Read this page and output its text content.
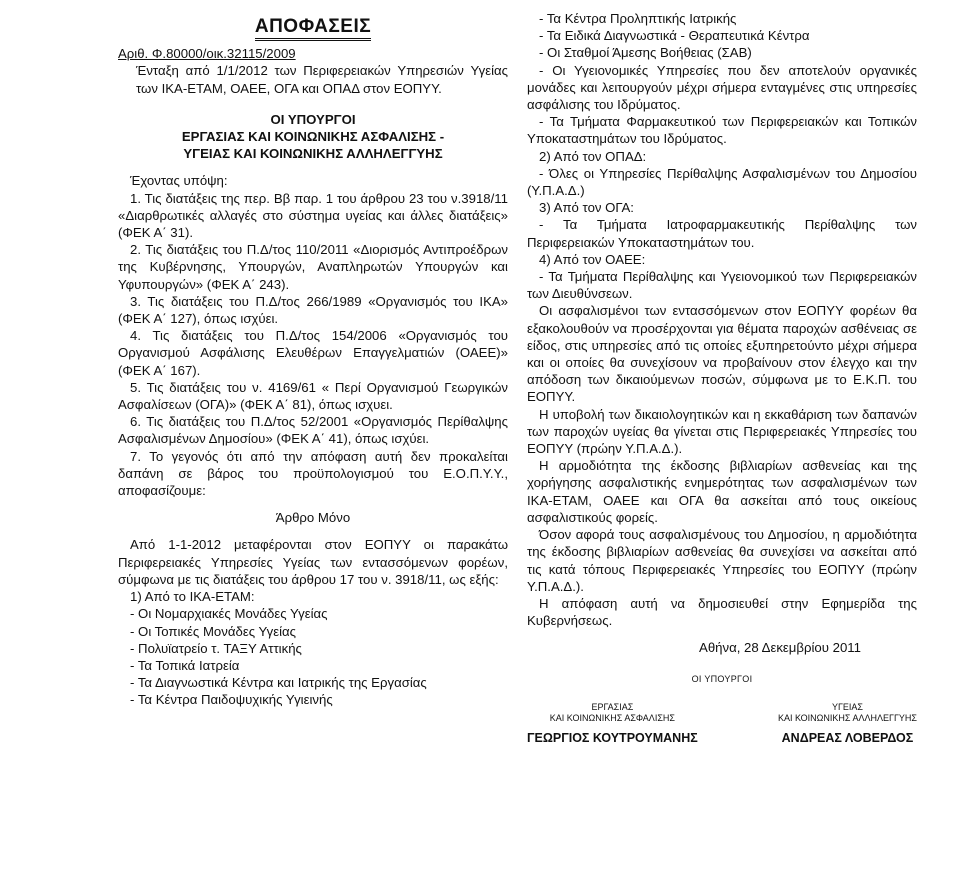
ΑΠΟΦΑΣΕΙΣ

Αριθ. Φ.80000/οικ.32115/2009

Ένταξη από 1/1/2012 των Περιφερειακών Υπηρεσιών Υγείας των ΙΚΑ-ΕΤΑΜ, ΟΑΕΕ, ΟΓΑ και ΟΠΑΔ στον ΕΟΠΥΥ.

ΟΙ ΥΠΟΥΡΓΟΙ
ΕΡΓΑΣΙΑΣ ΚΑΙ ΚΟΙΝΩΝΙΚΗΣ ΑΣΦΑΛΙΣΗΣ -
ΥΓΕΙΑΣ ΚΑΙ ΚΟΙΝΩΝΙΚΗΣ ΑΛΛΗΛΕΓΓΥΗΣ

Έχοντας υπόψη:

1. Τις διατάξεις της περ. Ββ παρ. 1 του άρθρου 23 του ν.3918/11 «Διαρθρωτικές αλλαγές στο σύστημα υγείας και άλλες διατάξεις» (ΦΕΚ Α΄ 31).

2. Τις διατάξεις του Π.Δ/τος 110/2011 «Διορισμός Αντιπροέδρων της Κυβέρνησης, Υπουργών, Αναπληρωτών Υπουργών και Υφυπουργών» (ΦΕΚ Α΄ 243).

3. Τις διατάξεις του Π.Δ/τος 266/1989 «Οργανισμός του ΙΚΑ» (ΦΕΚ Α΄ 127), όπως ισχύει.

4. Τις διατάξεις του Π.Δ/τος 154/2006 «Οργανισμός του Οργανισμού Ασφάλισης Ελευθέρων Επαγγελματιών (ΟΑΕΕ)» (ΦΕΚ Α΄ 167).

5. Τις διατάξεις του ν. 4169/61 « Περί Οργανισμού Γεωργικών Ασφαλίσεων (ΟΓΑ)» (ΦΕΚ Α΄ 81), όπως ισχυει.

6. Τις διατάξεις του Π.Δ/τος 52/2001 «Οργανισμός Περίθαλψης Ασφαλισμένων Δημοσίου» (ΦΕΚ Α΄ 41), όπως ισχύει.

7. Το γεγονός ότι από την απόφαση αυτή δεν προκαλείται δαπάνη σε βάρος του προϋπολογισμού του Ε.Ο.Π.Υ.Υ., αποφασίζουμε:

Άρθρο Μόνο

Από 1-1-2012 μεταφέρονται στον ΕΟΠΥΥ οι παρακάτω Περιφερειακές Υπηρεσίες Υγείας των εντασσόμενων φορέων, σύμφωνα με τις διατάξεις του άρθρου 17 του ν. 3918/11, ως εξής:

1) Από το ΙΚΑ-ΕΤΑΜ:

- Οι Νομαρχιακές Μονάδες Υγείας

- Οι Τοπικές Μονάδες Υγείας

- Πολυϊατρείο τ. ΤΑΞΥ Αττικής

- Τα Τοπικά Ιατρεία

- Τα Διαγνωστικά Κέντρα και Ιατρικής της Εργασίας

- Τα Κέντρα Παιδοψυχικής Υγιεινής

- Τα Κέντρα Προληπτικής Ιατρικής

- Τα Ειδικά Διαγνωστικά - Θεραπευτικά Κέντρα

- Οι Σταθμοί Άμεσης Βοήθειας (ΣΑΒ)

- Οι Υγειονομικές Υπηρεσίες που δεν αποτελούν οργανικές μονάδες και λειτουργούν μέχρι σήμερα ενταγμένες στις υπηρεσίες ασφάλισης του Ιδρύματος.

- Τα Τμήματα Φαρμακευτικού των Περιφερειακών και Τοπικών Υποκαταστημάτων του Ιδρύματος.

2) Από τον ΟΠΑΔ:

- Όλες οι Υπηρεσίες Περίθαλψης Ασφαλισμένων του Δημοσίου (Υ.Π.Α.Δ.)

3) Από τον ΟΓΑ:

- Τα Τμήματα Ιατροφαρμακευτικής Περίθαλψης των Περιφερειακών Υποκαταστημάτων του.

4) Από τον ΟΑΕΕ:

- Τα Τμήματα Περίθαλψης και Υγειονομικού των Περιφερειακών των Διευθύνσεων.

Οι ασφαλισμένοι των εντασσόμενων στον ΕΟΠΥΥ φορέων θα εξακολουθούν να προσέρχονται για θέματα παροχών ασθένειας σε είδος, στις υπηρεσίες από τις οποίες εξυπηρετούντο μέχρι σήμερα και οι οποίες θα συνεχίσουν να προβαίνουν στον έλεγχο και την απόδοση των δικαιούμενων ποσών, σύμφωνα με το Ε.Κ.Π. του ΕΟΠΥΥ.

Η υποβολή των δικαιολογητικών και η εκκαθάριση των δαπανών των παροχών υγείας θα γίνεται στις Περιφερειακές Υπηρεσίες του ΕΟΠΥΥ (πρώην Υ.Π.Α.Δ.).

Η αρμοδιότητα της έκδοσης βιβλιαρίων ασθενείας και της χορήγησης ασφαλιστικής ενημερότητας των ασφαλισμένων των ΙΚΑ-ΕΤΑΜ, ΟΑΕΕ και ΟΓΑ θα ασκείται από τους οικείους ασφαλιστικούς φορείς.

Όσον αφορά τους ασφαλισμένους του Δημοσίου, η αρμοδιότητα της έκδοσης βιβλιαρίων ασθενείας θα συνεχίσει να ασκείται από τις κατά τόπους Περιφερειακές Υπηρεσίες του ΕΟΠΥΥ (πρώην Υ.Π.Α.Δ.).

Η απόφαση αυτή να δημοσιευθεί στην Εφημερίδα της Κυβερνήσεως.

Αθήνα, 28 Δεκεμβρίου 2011

ΟΙ ΥΠΟΥΡΓΟΙ
ΕΡΓΑΣΙΑΣ
ΚΑΙ ΚΟΙΝΩΝΙΚΗΣ ΑΣΦΑΛΙΣΗΣ
ΓΕΩΡΓΙΟΣ ΚΟΥΤΡΟΥΜΑΝΗΣ
ΥΓΕΙΑΣ
ΚΑΙ ΚΟΙΝΩΝΙΚΗΣ ΑΛΛΗΛΕΓΓΥΗΣ
ΑΝΔΡΕΑΣ ΛΟΒΕΡΔΟΣ
